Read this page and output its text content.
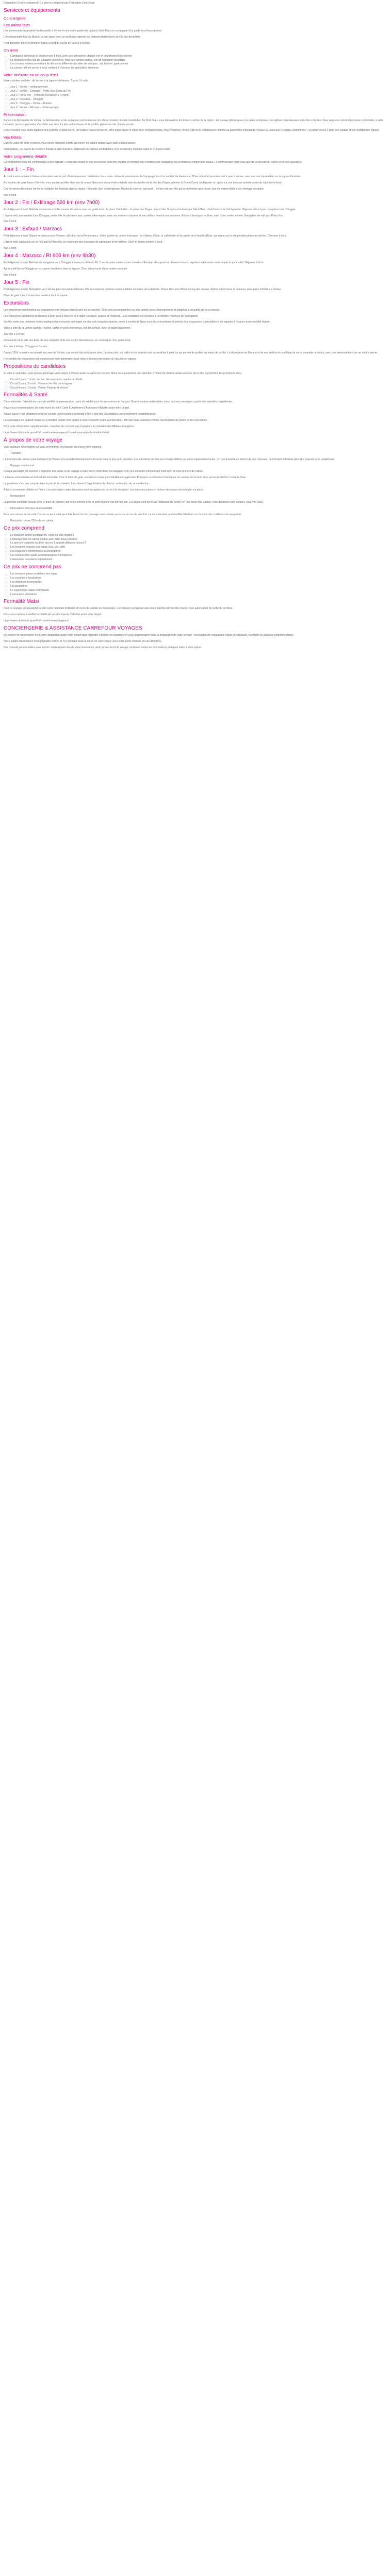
Description Ce prix comprend / Ce prix ne comprend pas Formalités Conrcierge

Services et équipements
Conciergerie
Les points forts

Une promenade en gondole traditionnelle à Venise et une visite guidée de la place Saint-Marc en compagnie d'un guide local francophone.

L'incontournable tour de Burano et son lagon avec un arrêt pour admirer les maisons multicolores de l'île des dentelliers.

Petit-déjeuner, dîner et déjeuner inclus à bord du navire de Venise à Venise.

On aime
• L'ambiance conviviale et chaleureuse à bord, avec des animations chaque soir et un personnel attentionné
• La découverte des îles de la lagune vénitienne, hors des sentiers battus, loin de l'agitation touristique
• Les escales variées permettant de découvrir différentes facettes de la région : art, histoire, gastronomie
• La cuisine raffinée servie à bord, mettant à l'honneur les spécialités italiennes
Votre itinéraire en un coup d'œil

Votre croisière en Italie : de Venise à la lagune vénitienne, 7 jours / 6 nuits

• Jour 1 : Venise – embarquement
• Jour 2 : Venise – Chioggia – Porto Viro (Delta du Pô)
• Jour 3 : Porto Viro – Polesella (excursion à Ferrare)
• Jour 4 : Polesella – Chioggia
• Jour 5 : Chioggia – Venise – Burano
• Jour 6 : Venise – Murano – débarquement
Présentation

Partez à la découverte de Venise, la Sérénissime, et de sa lagune enchanteresse lors d'une croisière fluviale inoubliable. Au fil de l'eau, vous découvrirez les trésors cachés de la région : les canaux pittoresques, les palais somptueux, les églises majestueuses et les îles colorées. Vous voguerez à bord d'un navire confortable, à taille humaine, qui vous permettra d'accéder aux sites les plus authentiques et de profiter pleinement de chaque escale.

Cette croisière vous invite également à explorer le delta du Pô, un espace naturel préservé, riche d'une faune et d'une flore exceptionnelles. Vous visiterez Ferrare, ville de la Renaissance inscrite au patrimoine mondial de l'UNESCO, ainsi que Chioggia, surnommée « la petite Venise » pour ses canaux et son architecture typique.

Vos hôtels

Dans le cadre de cette croisière, vous serez hébergés à bord du navire, en cabine double avec salle d'eau privative.

Votre bateau : un navire de croisière fluviale à taille humaine, disposant de cabines confortables, d'un restaurant, d'un bar-salon et d'un pont soleil.

Votre programme détaillé

Ce programme vous est communiqué à titre indicatif. L'ordre des visites et des excursions peut être modifié en fonction des conditions de navigation, de la météo ou d'impératifs locaux. Le commandant reste seul juge de la sécurité du navire et de ses passagers.

Jour 1 : – Fin

Accueil à votre arrivée à Venise et transfert vers le port d'embarquement. Installation dans votre cabine et présentation de l'équipage lors d'un cocktail de bienvenue. Dîner à bord et première nuit à quai à Venise, avec une vue imprenable sur la lagune illuminée.

En fonction de votre heure d'arrivée, vous pourrez profiter d'un peu de temps libre pour une première balade dans les ruelles de la cité des Doges, admirer le Grand Canal ou déguster un spritz sur une terrasse animée avant de rejoindre le bord.

Ces dernières décennies ont vu se multiplier les festivals dans la région : Biennale d'art contemporain, Mostra de cinéma, carnaval… Venise est une ville qui se réinvente sans cesse, tout en restant fidèle à son héritage séculaire.

Nuit à bord.

Jour 2 : Fin / Exfiltrage 500 km (env 7h00)

Petit-déjeuner à bord. Matinée consacrée à la découverte de Venise avec un guide local : la place Saint-Marc, le palais des Doges, le pont des Soupirs et la basilique Saint-Marc, chef-d'œuvre de l'art byzantin. Déjeuner à bord puis navigation vers Chioggia.

L'après-midi, promenade dans Chioggia, petite ville de pêcheurs aux canaux pittoresques, avec ses maisons colorées et son célèbre marché aux poissons. Retour à bord pour le dîner, suivi d'une soirée animée. Navigation de nuit vers Porto Viro.

Nuit à bord.

Jour 3 : Exfaud / Marzocc

Petit-déjeuner à bord. Départ en autocar pour Ferrare, ville d'art de la Renaissance. Visite guidée du centre historique : le château d'Este, la cathédrale et les palais de la famille d'Este, qui régna sur la cité pendant plusieurs siècles. Déjeuner à bord.

L'après-midi, navigation sur le Pô jusqu'à Polesella, en traversant des paysages de campagne et de rizières. Dîner et soirée animée à bord.

Nuit à bord.

Jour 4 : Marzocc / Rt 600 km (env 9h30)

Petit-déjeuner à bord. Matinée de navigation vers Chioggia à travers le delta du Pô, l'une des plus vastes zones humides d'Europe. Vous pourrez observer hérons, aigrettes et flamants roses depuis le pont soleil. Déjeuner à bord.

Après-midi libre à Chioggia ou excursion facultative dans la lagune. Dîner à bord suivi d'une soirée musicale.

Nuit à bord.

Jour 5 : Fin

Petit-déjeuner à bord. Navigation vers Venise puis excursion à Burano, l'île aux maisons colorées et à la tradition séculaire de la dentelle. Temps libre pour flâner le long des canaux. Retour à bord pour le déjeuner, puis après-midi libre à Venise.

Dîner de gala à bord et dernière soirée à bord du navire.

Excursions

Les excursions mentionnées au programme sont incluses dans le prix de la croisière. Elles sont accompagnées par des guides locaux francophones et adaptées à un public de tous niveaux.

Les excursions facultatives proposées à bord sont à réserver et à régler sur place, auprès de l'hôtesse. Leur réalisation est soumise à un nombre minimum de participants.

Veuillez noter que certaines visites impliquent une marche prolongée sur des sols irréguliers (pavés, ponts à escaliers). Nous vous recommandons de prévoir des chaussures confortables et de signaler à l'avance toute mobilité réduite.

Visite à pied de la Venise cachée : ruelles, campi et ponts méconnus, loin de la foule, avec un guide passionné.

Journée à Ferrare

Découverte de la ville des Este, de ses remparts et de son centre Renaissance, en compagnie d'un guide local.

Journée à Venise, Chioggia et Burano

Depuis 2014, le navire est amarré au cœur de Venise, à proximité des principaux sites. Les marchés, les cafés et les musées sont accessibles à pied, ce qui permet de profiter au mieux de la ville. La découverte de Murano et de ses ateliers de soufflage de verre complète ce séjour, avec une démonstration par un maître verrier.

L'ensemble des excursions est organisé par notre partenaire local, dans le respect des règles de sécurité en vigueur.

Propositions de candidates

Si vous le souhaitez, vous pouvez prolonger votre séjour à Venise avant ou après la croisière. Nous vous proposons une sélection d'hôtels de charme situés au cœur de la ville, à proximité des principaux sites.

• Circuit 2 jours / 1 nuit : Venise, découverte du quartier du Rialto
• Circuit 3 jours / 2 nuits : Venise et les îles de la lagune
• Circuit 4 jours / 3 nuits : Venise, Padoue et Vérone
Formalités & Santé

Carte nationale d'identité en cours de validité ou passeport en cours de validité pour les ressortissants français. Pour les autres nationalités, merci de vous renseigner auprès des autorités compétentes.

Nous vous recommandons de vous munir de votre Carte Européenne d'Assurance Maladie avant votre départ.

Aucun vaccin n'est obligatoire pour ce voyage. Il est toutefois conseillé d'être à jour des vaccinations universellement recommandées.

Les passagers en fauteuil roulant ou à mobilité réduite sont invités à nous contacter avant la réservation, afin que nous puissions vérifier l'accessibilité du navire et des excursions.

Pour toute information complémentaire, consultez les conseils aux voyageurs du ministère des Affaires étrangères.

https://www.diplomatie.gouv.fr/fr/conseils-aux-voyageurs/conseils-par-pays-destination/italie/

À propos de votre voyage

Voici quelques informations qui vous permettront de préparer au mieux votre croisière.

• Transport

Le transfert aller-retour entre l'aéroport de Venise et le port d'embarquement est inclus dans le prix de la croisière. Les transferts ont lieu aux horaires définis par notre organisation locale ; en cas d'arrivée en dehors de ces créneaux, un transfert individuel peut être proposé avec supplément.

• Bagages – optionnel

Chaque passager est autorisé à emporter une valise et un bagage à main. Merci d'identifier vos bagages avec une étiquette mentionnant votre nom et votre numéro de cabine.

La tenue vestimentaire à bord est décontractée. Pour le dîner de gala, une tenue un peu plus habillée est appréciée. Prévoyez un vêtement chaud pour les soirées sur le pont ainsi qu'une protection contre la pluie.

Le pourboire n'est pas compris dans le prix de la croisière. Il est laissé à l'appréciation de chacun, en fonction de sa satisfaction.

À bord, la monnaie utilisée est l'euro. Les principales cartes bancaires sont acceptées au bar et à la réception. Les boissons prises en dehors des repas sont à régler sur place.

• Restauration

La pension complète débute avec le dîner du premier jour et se termine avec le petit-déjeuner du dernier jour. Les repas sont servis au restaurant du navire, en une seule fois, à table, et les boissons sont incluses (eau, vin, café).

• Informations diverses et accessibilité

Pour des raisons de sécurité, l'accès au pont soleil peut être fermé lors du passage sous certains ponts ou en cas de vent fort. Le commandant peut modifier l'itinéraire en fonction des conditions de navigation.

• Électricité : prises 220 volts en cabine
Ce prix comprend
• Le transport aérien au départ de Paris sur vols réguliers
• L'hébergement en cabine double avec salle d'eau privative
• La pension complète du dîner du jour 1 au petit-déjeuner du jour 6
• Les boissons incluses aux repas (eau, vin, café)
• Les excursions mentionnées au programme
• Les services d'un guide-accompagnateur francophone
• L'assurance assistance-rapatriement
Ce prix ne comprend pas
• Les boissons prises en dehors des repas
• Les excursions facultatives
• Les dépenses personnelles
• Les pourboires
• Le supplément cabine individuelle
• L'assurance annulation
Formalité Matsi

Pour ce voyage, un passeport ou une carte nationale d'identité en cours de validité est nécessaire. Les mineurs voyageant sans leurs parents doivent être munis d'une autorisation de sortie du territoire.

Nous vous invitons à vérifier la validité de vos documents d'identité avant votre départ.

https://www.diplomatie.gouv.fr/fr/conseils-aux-voyageurs/

CONCIERGERIE & ASSISTANCE CARREFOUR VOYAGES

Un service de conciergerie est à votre disposition avant votre départ pour répondre à toutes vos questions et vous accompagner dans la préparation de votre voyage : réservation de restaurants, billets de spectacle, transferts ou activités complémentaires.

Notre équipe d'assistance reste joignable 24h/24 et 7j/7 pendant toute la durée de votre séjour, pour vous porter secours en cas d'imprévu.

Des conseils personnalisés vous seront communiqués lors de votre réservation, ainsi qu'un carnet de voyage contenant toutes les informations pratiques utiles à votre séjour.
